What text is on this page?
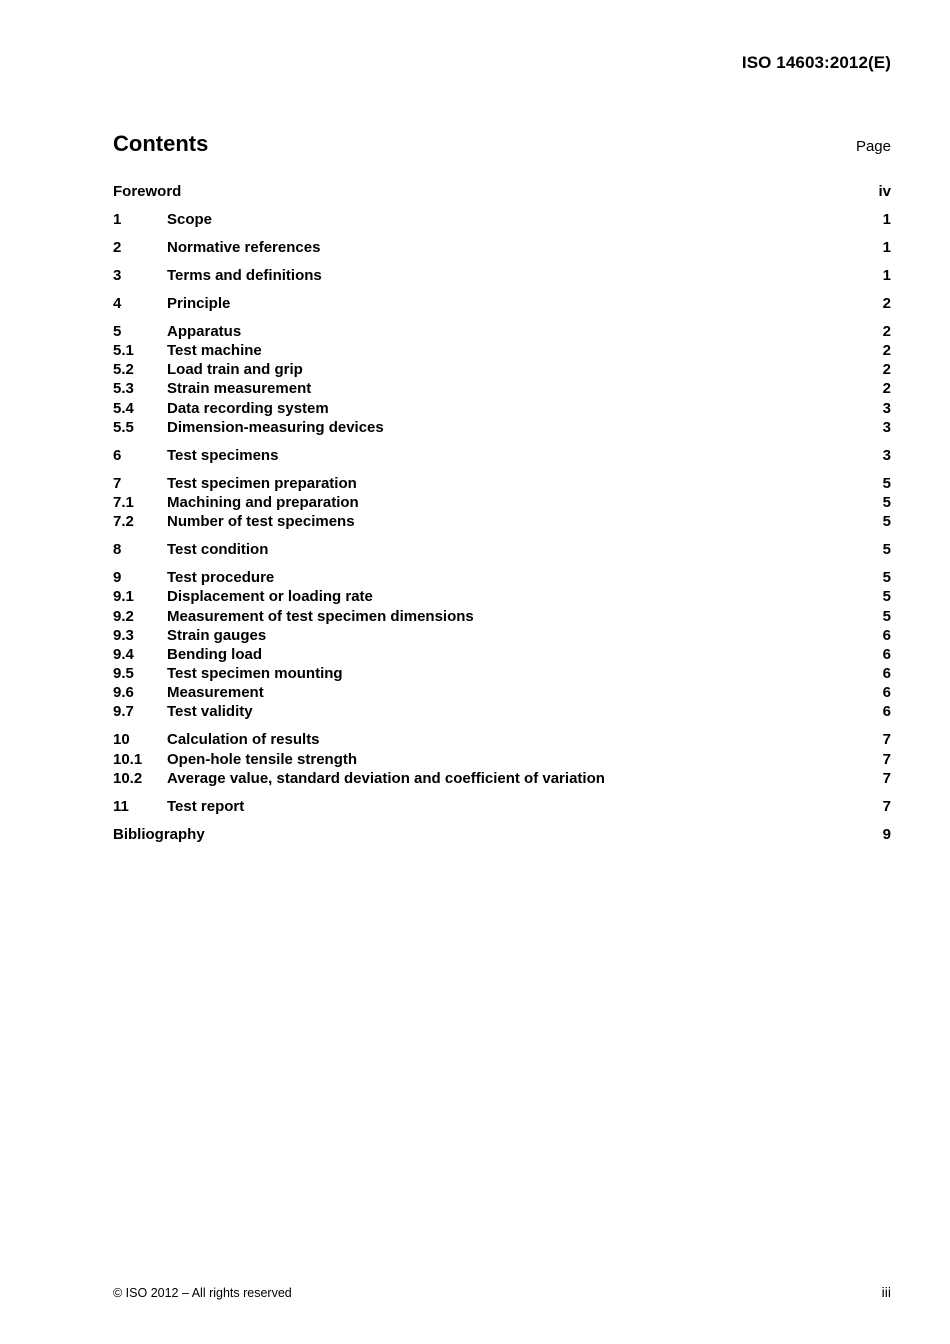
ISO 14603:2012(E)
Contents	Page
Foreword	iv
1	Scope	1
2	Normative references	1
3	Terms and definitions	1
4	Principle	2
5	Apparatus	2
5.1	Test machine	2
5.2	Load train and grip	2
5.3	Strain measurement	2
5.4	Data recording system	3
5.5	Dimension-measuring devices	3
6	Test specimens	3
7	Test specimen preparation	5
7.1	Machining and preparation	5
7.2	Number of test specimens	5
8	Test condition	5
9	Test procedure	5
9.1	Displacement or loading rate	5
9.2	Measurement of test specimen dimensions	5
9.3	Strain gauges	6
9.4	Bending load	6
9.5	Test specimen mounting	6
9.6	Measurement	6
9.7	Test validity	6
10	Calculation of results	7
10.1	Open-hole tensile strength	7
10.2	Average value, standard deviation and coefficient of variation	7
11	Test report	7
Bibliography	9
© ISO 2012 – All rights reserved	iii
